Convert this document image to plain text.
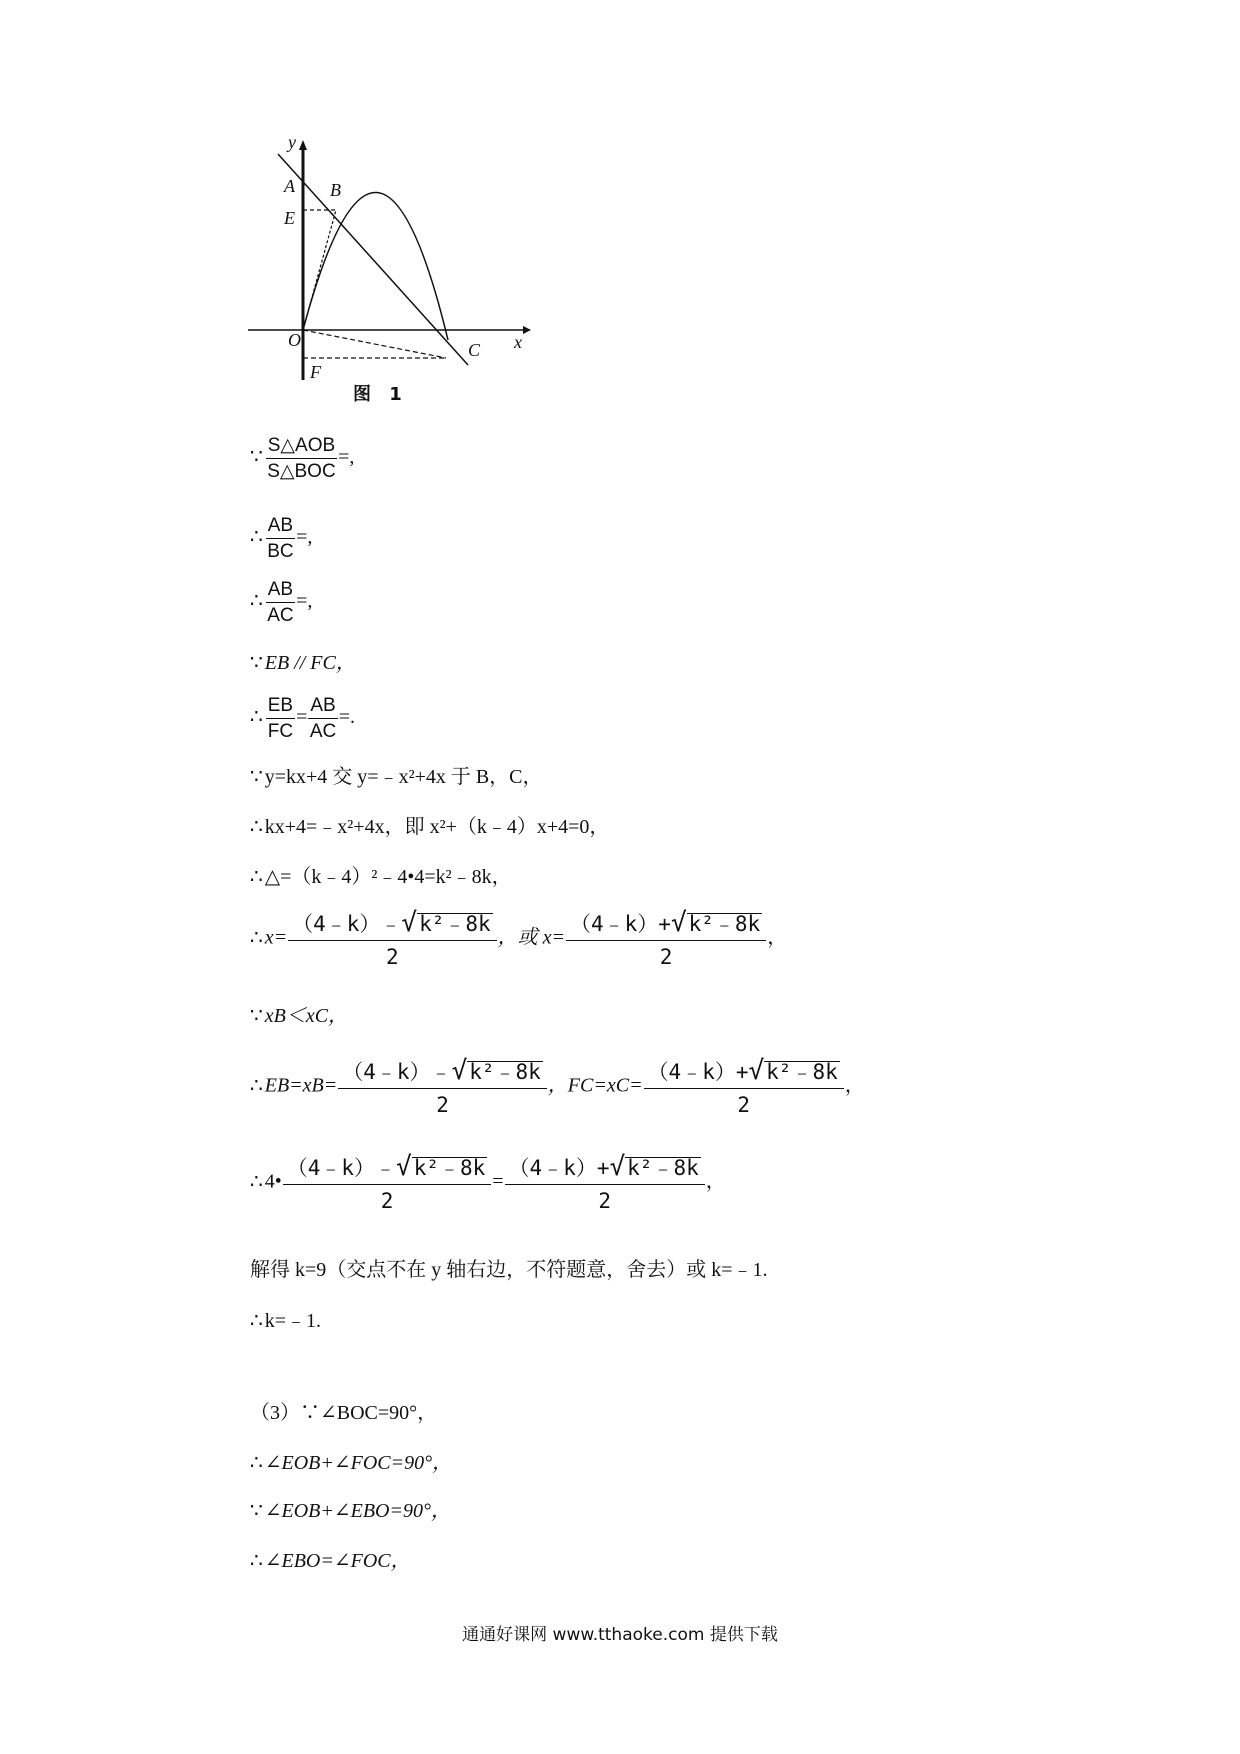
y
x
A B
E
O	C
F
图 1
∵ $\frac{\text{S△AOB}}{\text{S△BOC}}$ =,
∴ $\frac{AB}{BC}$ =,
∴ $\frac{AB}{AC}$ =,
∵ EB // FC，
∴ $\frac{EB}{FC} = \frac{AB}{AC}$ =.
∵ y=kx+4 交 y=﹣x²+4x 于 B，C，
∴ kx+4=﹣x²+4x，即 x²+（k﹣4）x+4=0，
∴ △=（k﹣4）²﹣4•4=k²﹣8k，
∴ $x= \frac{\text{（4﹣k）﹣√k²﹣8k}}{2}$ ，或 $x= \frac{\text{（4﹣k）+√k²﹣8k}}{2}$ ，
∵ xB＜xC，
∴ $EB=xB= \frac{\text{（4﹣k）﹣√k²﹣8k}}{2}$ ，$FC=xC= \frac{\text{（4﹣k）+√k²﹣8k}}{2}$ ，
∴ 4• $\frac{\text{（4﹣k）﹣√k²﹣8k}}{2} = \frac{\text{（4﹣k）+√k²﹣8k}}{2}$ ，
解得 k=9（交点不在 y 轴右边，不符题意，舍去）或 k=﹣1.
∴ k=﹣1.
（3）∵∠BOC=90°，
∴ ∠EOB+∠FOC=90°，
∵ ∠EOB+∠EBO=90°，
∴ ∠EBO=∠FOC，
通通好课网 www.tthaoke.com 提供下载
